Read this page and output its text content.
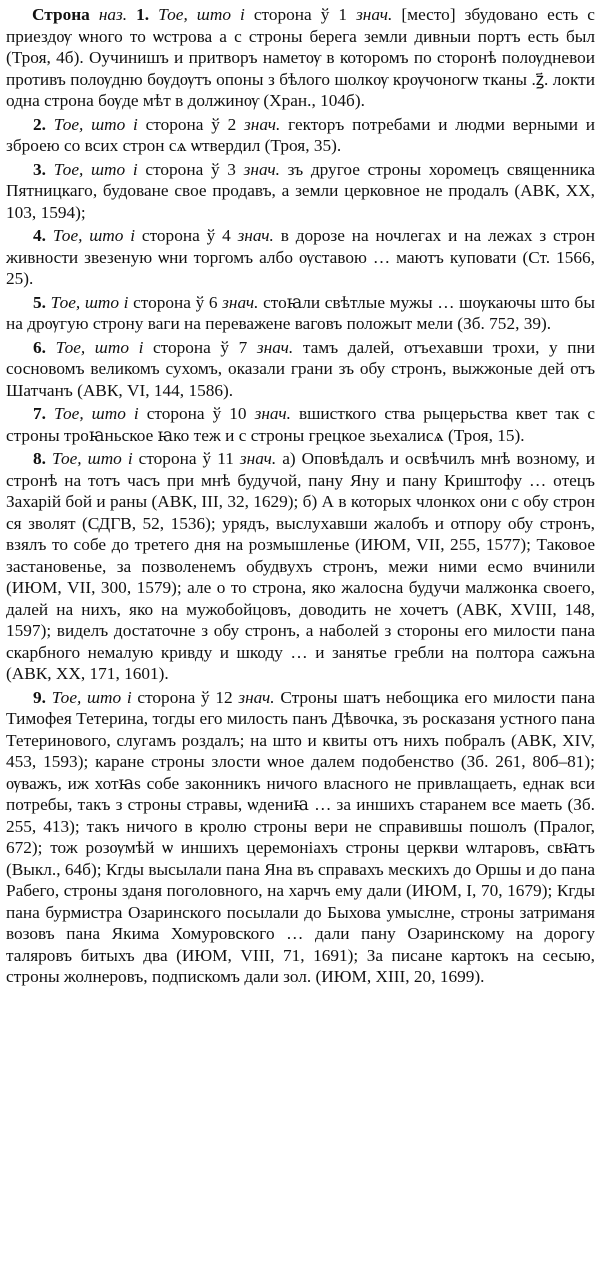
Строна наз. 1. Тое, што і сторона ў 1 знач. [место] збудовано есть с приездѹ ѡного то ѡстрова а с строны берега земли дивныи портъ есть был (Троя, 4б). Оучинишъ и притворъ наметѹ в которомъ по сторонѣ полѹдневои противъ полѹдню бѹдѹтъ опоны з бѣлого шолкѹ крѹчоногѡ тканы .ꙁ҃. локти одна строна бѹде мѣт в должинѹ (Хран., 104б).

2. Тое, што і сторона ў 2 знач. гекторъ потребами и людми верными и зброею со всих строн сѧ ѡтвердил (Троя, 35).

3. Тое, што і сторона ў 3 знач. зъ другое строны хоромецъ священника Пятницкаго, будоване свое продавъ, а земли церковное не продалъ (АВК, XX, 103, 1594);

4. Тое, што і сторона ў 4 знач. в дорозе на ночлегах и на лежах з строн живности звезеную ѡни торгомъ албо ѹставою … маютъ куповати (Ст. 1566, 25).

5. Тое, што і сторона ў 6 знач. стоꙗли свѣтлые мужы … шѹкаючы што бы на дрѹгую строну ваги на переважене ваговъ положыт мели (Зб. 752, 39).

6. Тое, што і сторона ў 7 знач. тамъ далей, отъехавши трохи, у пни сосновомъ великомъ сухомъ, оказали грани зъ обу стронъ, выжжоные дей отъ Шатчанъ (АВК, VI, 144, 1586).

7. Тое, што і сторона ў 10 знач. вшисткого ства рыцерьства квет так с строны троꙗньское ꙗко теж и с строны грецкое зьехалисѧ (Троя, 15).

8. Тое, што і сторона ў 11 знач. а) Оповѣдалъ и освѣчилъ мнѣ возному, и стронѣ на тотъ часъ при мнѣ будучой, пану Яну и пану Криштофу … отецъ Захарій бой и раны (АВК, III, 32, 1629); б) А в которых члонкох они с обу строн ся зволят (СДГВ, 52, 1536); урядъ, выслухавши жалобъ и отпору обу стронъ, взялъ то собе до третего дня на розмышленье (ИЮМ, VII, 255, 1577); Таковое застановенье, за позволенемъ обудвухъ стронъ, межи ними есмо вчинили (ИЮМ, VII, 300, 1579); але о то строна, яко жалосна будучи малжонка своего, далей на нихъ, яко на мужобойцовъ, доводить не хочетъ (АВК, XVIII, 148, 1597); виделъ достаточне з обу стронъ, а наболей з стороны его милости пана скарбного немалую кривду и шкоду … и занятье гребли на полтора сажъна (АВК, XX, 171, 1601).

9. Тое, што і сторона ў 12 знач. Строны шатъ небощика его милости пана Тимофея Тетерина, тогды его милость панъ Дѣвочка, зъ росказаня устного пана Тетеринового, слугамъ роздалъ; на што и квиты отъ нихъ побралъ (АВК, XIV, 453, 1593); каране строны злости ѡное далем подобенство (Зб. 261, 80б–81); ѹважъ, иж хотꙗs собе законникъ ничого власного не привлащаеть, еднак вси потребы, такъ з строны стравы, ѡдениꙗ … за иншихъ старанем все маеть (Зб. 255, 413); такъ ничого в кролю строны вери не справившы пошолъ (Пралог, 672); тож розѹмѣй ѡ иншихъ церемоніахъ строны церкви ѡлтаровъ, свꙗтъ (Выкл., 64б); Кгды высылали пана Яна въ справахъ мескихъ до Оршы и до пана Рабего, строны зданя поголовного, на харчъ ему дали (ИЮМ, I, 70, 1679); Кгды пана бурмистра Озаринского посылали до Быхова умыслне, строны затриманя возовъ пана Якима Хомуровского … дали пану Озаринскому на дорогу таляровъ битыхъ два (ИЮМ, VIII, 71, 1691); За писане картокъ на сесыю, строны жолнеровъ, подпискомъ дали зол. (ИЮМ, XIII, 20, 1699).
